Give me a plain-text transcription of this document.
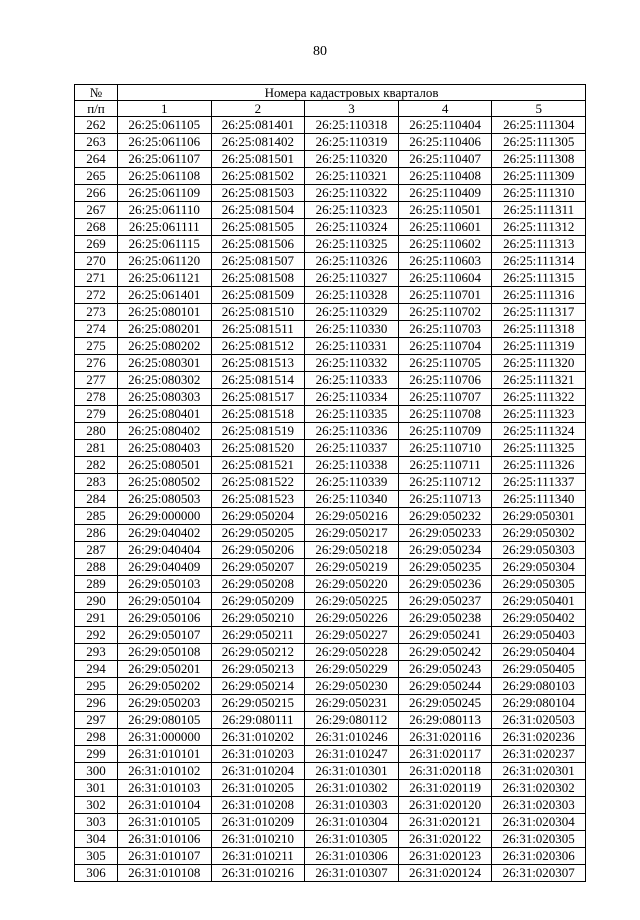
80
№	Номера кадастровых кварталов				
п/п	1	2	3	4	5
262	26:25:061105	26:25:081401	26:25:110318	26:25:110404	26:25:111304
263	26:25:061106	26:25:081402	26:25:110319	26:25:110406	26:25:111305
264	26:25:061107	26:25:081501	26:25:110320	26:25:110407	26:25:111308
265	26:25:061108	26:25:081502	26:25:110321	26:25:110408	26:25:111309
266	26:25:061109	26:25:081503	26:25:110322	26:25:110409	26:25:111310
267	26:25:061110	26:25:081504	26:25:110323	26:25:110501	26:25:111311
268	26:25:061111	26:25:081505	26:25:110324	26:25:110601	26:25:111312
269	26:25:061115	26:25:081506	26:25:110325	26:25:110602	26:25:111313
270	26:25:061120	26:25:081507	26:25:110326	26:25:110603	26:25:111314
271	26:25:061121	26:25:081508	26:25:110327	26:25:110604	26:25:111315
272	26:25:061401	26:25:081509	26:25:110328	26:25:110701	26:25:111316
273	26:25:080101	26:25:081510	26:25:110329	26:25:110702	26:25:111317
274	26:25:080201	26:25:081511	26:25:110330	26:25:110703	26:25:111318
275	26:25:080202	26:25:081512	26:25:110331	26:25:110704	26:25:111319
276	26:25:080301	26:25:081513	26:25:110332	26:25:110705	26:25:111320
277	26:25:080302	26:25:081514	26:25:110333	26:25:110706	26:25:111321
278	26:25:080303	26:25:081517	26:25:110334	26:25:110707	26:25:111322
279	26:25:080401	26:25:081518	26:25:110335	26:25:110708	26:25:111323
280	26:25:080402	26:25:081519	26:25:110336	26:25:110709	26:25:111324
281	26:25:080403	26:25:081520	26:25:110337	26:25:110710	26:25:111325
282	26:25:080501	26:25:081521	26:25:110338	26:25:110711	26:25:111326
283	26:25:080502	26:25:081522	26:25:110339	26:25:110712	26:25:111337
284	26:25:080503	26:25:081523	26:25:110340	26:25:110713	26:25:111340
285	26:29:000000	26:29:050204	26:29:050216	26:29:050232	26:29:050301
286	26:29:040402	26:29:050205	26:29:050217	26:29:050233	26:29:050302
287	26:29:040404	26:29:050206	26:29:050218	26:29:050234	26:29:050303
288	26:29:040409	26:29:050207	26:29:050219	26:29:050235	26:29:050304
289	26:29:050103	26:29:050208	26:29:050220	26:29:050236	26:29:050305
290	26:29:050104	26:29:050209	26:29:050225	26:29:050237	26:29:050401
291	26:29:050106	26:29:050210	26:29:050226	26:29:050238	26:29:050402
292	26:29:050107	26:29:050211	26:29:050227	26:29:050241	26:29:050403
293	26:29:050108	26:29:050212	26:29:050228	26:29:050242	26:29:050404
294	26:29:050201	26:29:050213	26:29:050229	26:29:050243	26:29:050405
295	26:29:050202	26:29:050214	26:29:050230	26:29:050244	26:29:080103
296	26:29:050203	26:29:050215	26:29:050231	26:29:050245	26:29:080104
297	26:29:080105	26:29:080111	26:29:080112	26:29:080113	26:31:020503
298	26:31:000000	26:31:010202	26:31:010246	26:31:020116	26:31:020236
299	26:31:010101	26:31:010203	26:31:010247	26:31:020117	26:31:020237
300	26:31:010102	26:31:010204	26:31:010301	26:31:020118	26:31:020301
301	26:31:010103	26:31:010205	26:31:010302	26:31:020119	26:31:020302
302	26:31:010104	26:31:010208	26:31:010303	26:31:020120	26:31:020303
303	26:31:010105	26:31:010209	26:31:010304	26:31:020121	26:31:020304
304	26:31:010106	26:31:010210	26:31:010305	26:31:020122	26:31:020305
305	26:31:010107	26:31:010211	26:31:010306	26:31:020123	26:31:020306
306	26:31:010108	26:31:010216	26:31:010307	26:31:020124	26:31:020307
